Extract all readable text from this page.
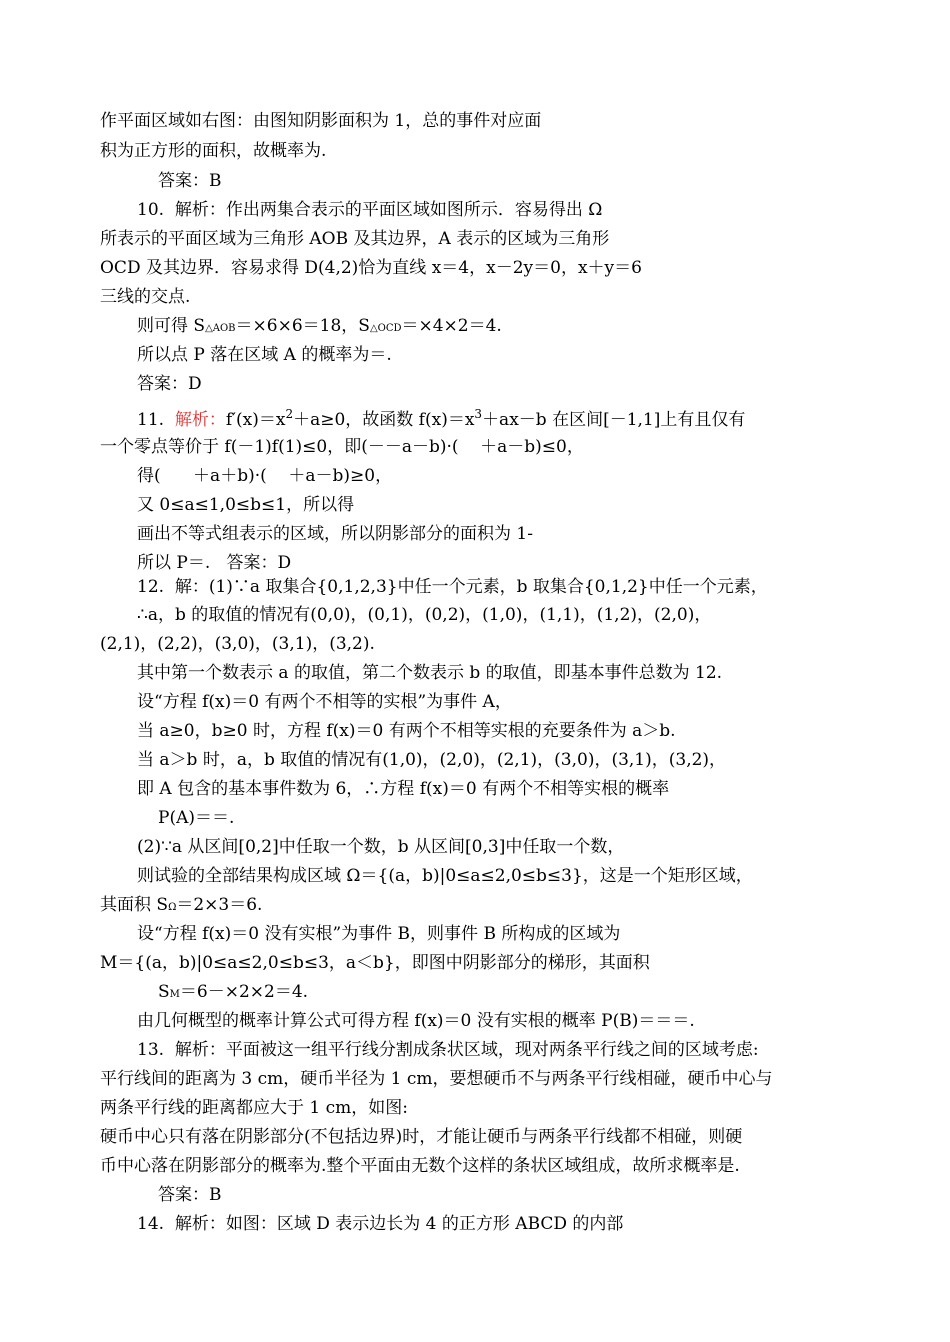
作平面区域如右图：由图知阴影面积为 1，总的事件对应面
积为正方形的面积，故概率为.
答案：B
10.  解析：作出两集合表示的平面区域如图所示．容易得出 Ω
所表示的平面区域为三角形 AOB 及其边界，A 表示的区域为三角形
OCD 及其边界．容易求得 D(4,2)恰为直线 x＝4，x－2y＝0，x＋y＝6
三线的交点.
则可得 S△AOB＝×6×6＝18，S△OCD＝×4×2＝4.
所以点 P 落在区域 A 的概率为＝.
答案：D
11.  解析：$f'(x)=x^2+a\ge 0$，故函数 $f(x)=x^3+ax-b$ 在区间[－1,1]上有且仅有
一个零点等价于 f(－1)f(1)≤0，即(－－a－b)·(    ＋a－b)≤0，
得(      ＋a＋b)·(    ＋a－b)≥0，
又 0≤a≤1,0≤b≤1，所以得
画出不等式组表示的区域，所以阴影部分的面积为 1-
所以 P＝.   答案：D
12.  解：(1)∵a 取集合{0,1,2,3}中任一个元素，b 取集合{0,1,2}中任一个元素，
∴a，b 的取值的情况有(0,0)，(0,1)，(0,2)，(1,0)，(1,1)，(1,2)，(2,0)，
(2,1)，(2,2)，(3,0)，(3,1)，(3,2).
其中第一个数表示 a 的取值，第二个数表示 b 的取值，即基本事件总数为 12.
设“方程 f(x)＝0 有两个不相等的实根”为事件 A，
当 a≥0，b≥0 时，方程 f(x)＝0 有两个不相等实根的充要条件为 a＞b.
当 a＞b 时，a，b 取值的情况有(1,0)，(2,0)，(2,1)，(3,0)，(3,1)，(3,2)，
即 A 包含的基本事件数为 6，∴方程 f(x)＝0 有两个不相等实根的概率
P(A)＝＝.
(2)∵a 从区间[0,2]中任取一个数，b 从区间[0,3]中任取一个数，
则试验的全部结果构成区域 Ω＝{(a，b)|0≤a≤2,0≤b≤3}，这是一个矩形区域，
其面积 SΩ＝2×3＝6.
设“方程 f(x)＝0 没有实根”为事件 B，则事件 B 所构成的区域为
M＝{(a，b)|0≤a≤2,0≤b≤3，a＜b}，即图中阴影部分的梯形，其面积
SM＝6－×2×2＝4.
由几何概型的概率计算公式可得方程 f(x)＝0 没有实根的概率 P(B)＝＝＝.
13.  解析：平面被这一组平行线分割成条状区域，现对两条平行线之间的区域考虑:
平行线间的距离为 3 cm，硬币半径为 1 cm，要想硬币不与两条平行线相碰，硬币中心与
两条平行线的距离都应大于 1 cm，如图:
硬币中心只有落在阴影部分(不包括边界)时，才能让硬币与两条平行线都不相碰，则硬
币中心落在阴影部分的概率为.整个平面由无数个这样的条状区域组成，故所求概率是.
答案：B
14.  解析：如图：区域 D 表示边长为 4 的正方形 ABCD 的内部
